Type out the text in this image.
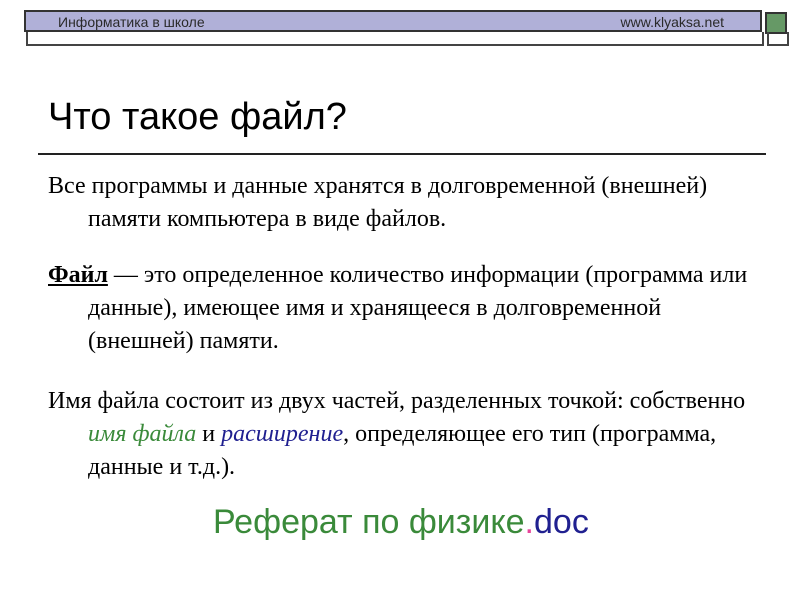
Информатика в школе	www.klyaksa.net
Что такое файл?

Все программы и данные хранятся в долговременной (внешней) памяти компьютера в виде файлов.

Файл — это определенное количество информации (программа или данные), имеющее имя и хранящееся в долговременной (внешней) памяти.

Имя файла состоит из двух частей, разделенных точкой: собственно имя файла и расширение, определяющее его тип (программа, данные и т.д.).

Реферат по физике.doc
